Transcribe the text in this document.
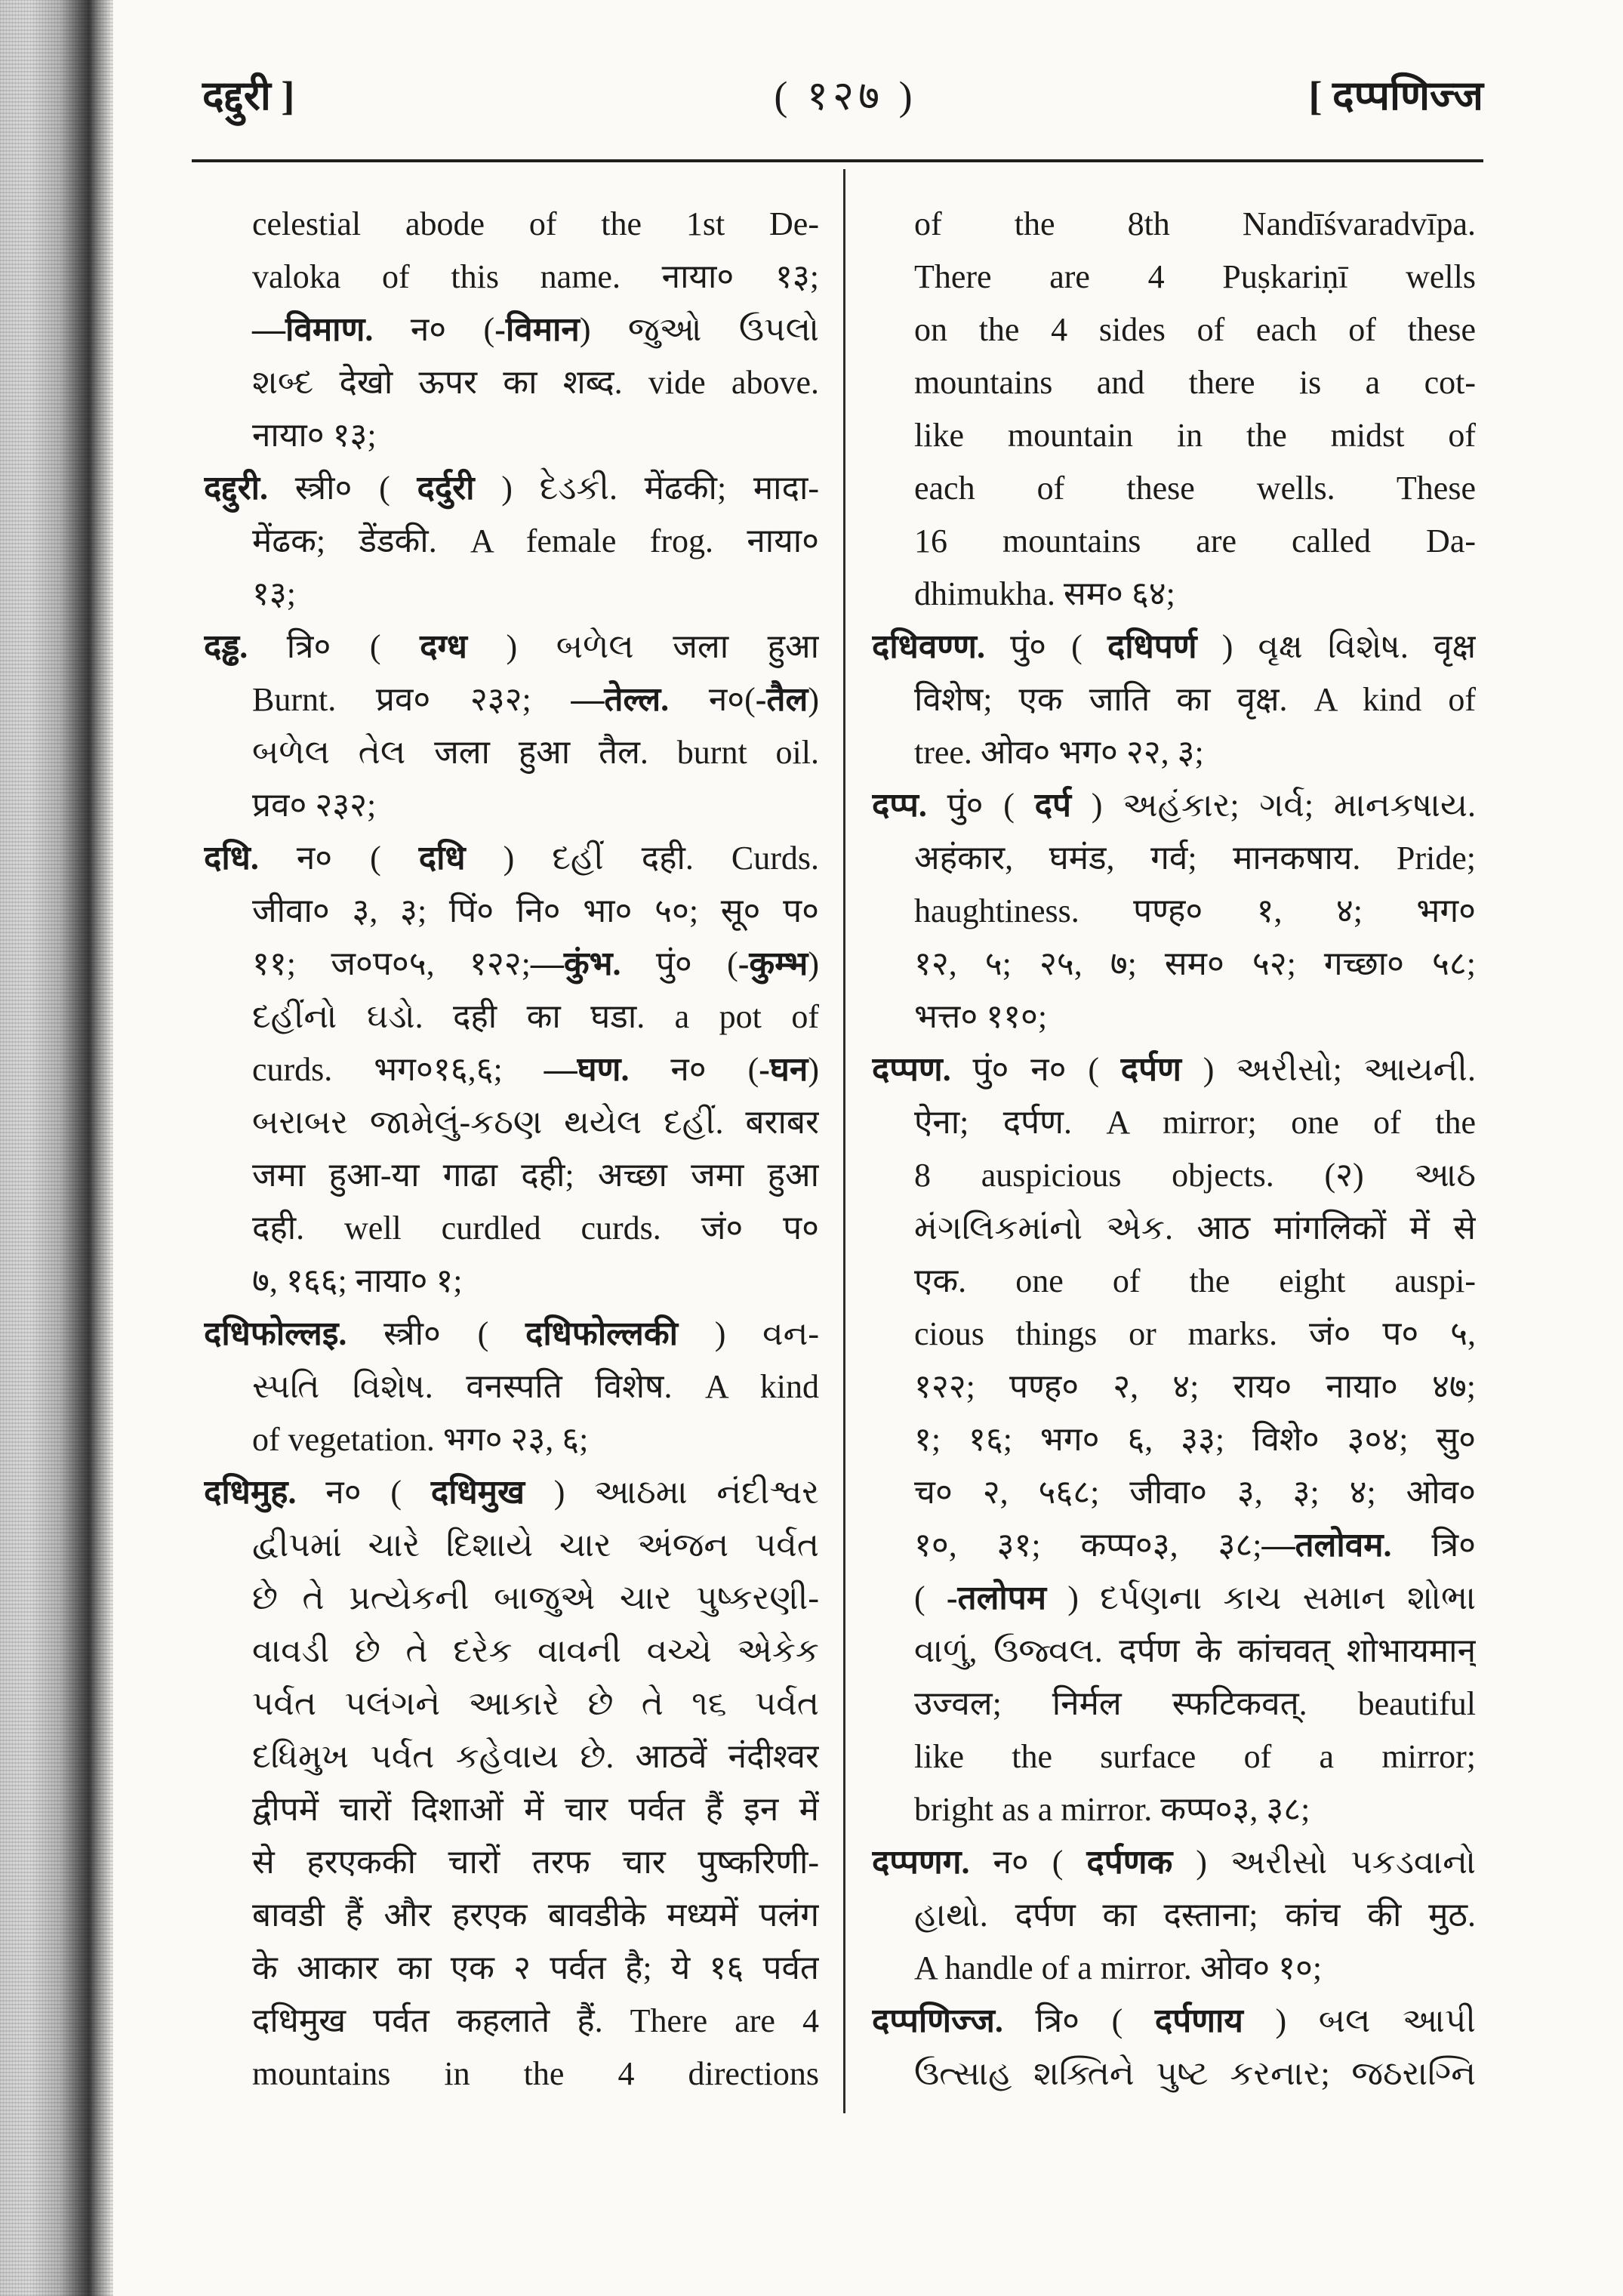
दद्दुरी ]	( १२७ )	[ दप्पणिज्ज
celestial abode of the 1st De-
valoka of this name. नाया० १३;
—विमाण. न० (-विमान) જુઓ ઉપલો
શબ્દ देखो ऊपर का शब्द. vide above.
नाया० १३;
दद्दुरी. स्त्री० ( दर्दुरी ) દેડકી. मेंढकी; मादा-
मेंढक; डेंडकी. A female frog. नाया०
१३;
दड्ढ. त्रि० ( दग्ध ) બળેલ जला हुआ
Burnt. प्रव० २३२; —तेल्ल. न०(-तैल)
બળેલ તેલ जला हुआ तैल. burnt oil.
प्रव० २३२;
दधि. न० ( दधि ) દહીં दही. Curds.
जीवा० ३, ३; पिं० नि० भा० ५०; सू० प०
११; ज०प०५, १२२;—कुंभ. पुं० (-कुम्भ)
દહીંનો ઘડો. दही का घडा. a pot of
curds. भग०१६,६; —घण. न० (-घन)
બરાબર જામેલું-કઠણ થયેલ દહીં. बराबर
जमा हुआ-या गाढा दही; अच्छा जमा हुआ
दही. well curdled curds. जं० प०
७, १६६; नाया० १;
दधिफोल्लइ. स्त्री० ( दधिफोल्लकी ) વન-
સ્પતિ વિશેષ. वनस्पति विशेष. A kind
of vegetation. भग० २३, ६;
दधिमुह. न० ( दधिमुख ) આઠમા નંદીશ્વર
દ્વીપમાં ચારે દિશાયે ચાર અંજન પર્વત
છે તે પ્રત્યેકની બાજુએ ચાર પુષ્કરણી-
વાવડી છે તે દરેક વાવની વચ્ચે એકેક
પર્વત પલંગને આકારે છે તે ૧૬ પર્વત
દધિમુખ પર્વત કહેવાય છે. आठवें नंदीश्वर
द्वीपमें चारों दिशाओं में चार पर्वत हैं इन में
से हरएककी चारों तरफ चार पुष्करिणी-
बावडी हैं और हरएक बावडीके मध्यमें पलंग
के आकार का एक २ पर्वत है; ये १६ पर्वत
दधिमुख पर्वत कहलाते हैं. There are 4
mountains in the 4 directions
of the 8th Nandīśvaradvīpa.
There are 4 Puṣkariṇī wells
on the 4 sides of each of these
mountains and there is a cot-
like mountain in the midst of
each of these wells. These
16 mountains are called Da-
dhimukha. सम० ६४;
दधिवण्ण. पुं० ( दधिपर्ण ) વૃક્ષ વિશેષ. वृक्ष
विशेष; एक जाति का वृक्ष. A kind of
tree. ओव० भग० २२, ३;
दप्प. पुं० ( दर्प ) અહંકાર; ગર્વ; માનકષાય.
अहंकार, घमंड, गर्व; मानकषाय. Pride;
haughtiness. पण्ह० १, ४; भग०
१२, ५; २५, ७; सम० ५२; गच्छा० ५८;
भत्त० ११०;
दप्पण. पुं० न० ( दर्पण ) અરીસો; આયની.
ऐना; दर्पण. A mirror; one of the
8 auspicious objects. (२) આઠ
મંગલિકમાંનો એક. आठ मांगलिकों में से
एक. one of the eight auspi-
cious things or marks. जं० प० ५,
१२२; पण्ह० २, ४; राय० नाया० ४७;
१; १६; भग० ६, ३३; विशे० ३०४; सु०
च० २, ५६८; जीवा० ३, ३; ४; ओव०
१०, ३१; कप्प०३, ३८;—तलोवम. त्रि०
( -तलोपम ) દર્પણના કાચ સમાન શોભા
વાળું, ઉજ્વલ. दर्पण के कांचवत् शोभायमान्
उज्वल; निर्मल स्फटिकवत्. beautiful
like the surface of a mirror;
bright as a mirror. कप्प०३, ३८;
दप्पणग. न० ( दर्पणक ) અરીસો પકડવાનો
હાથો. दर्पण का दस्ताना; कांच की मुठ.
A handle of a mirror. ओव० १०;
दप्पणिज्ज. त्रि० ( दर्पणाय ) બલ આપી
ઉત્સાહ શક્તિને પુષ્ટ કરનાર; જઠરાગ્નિ
